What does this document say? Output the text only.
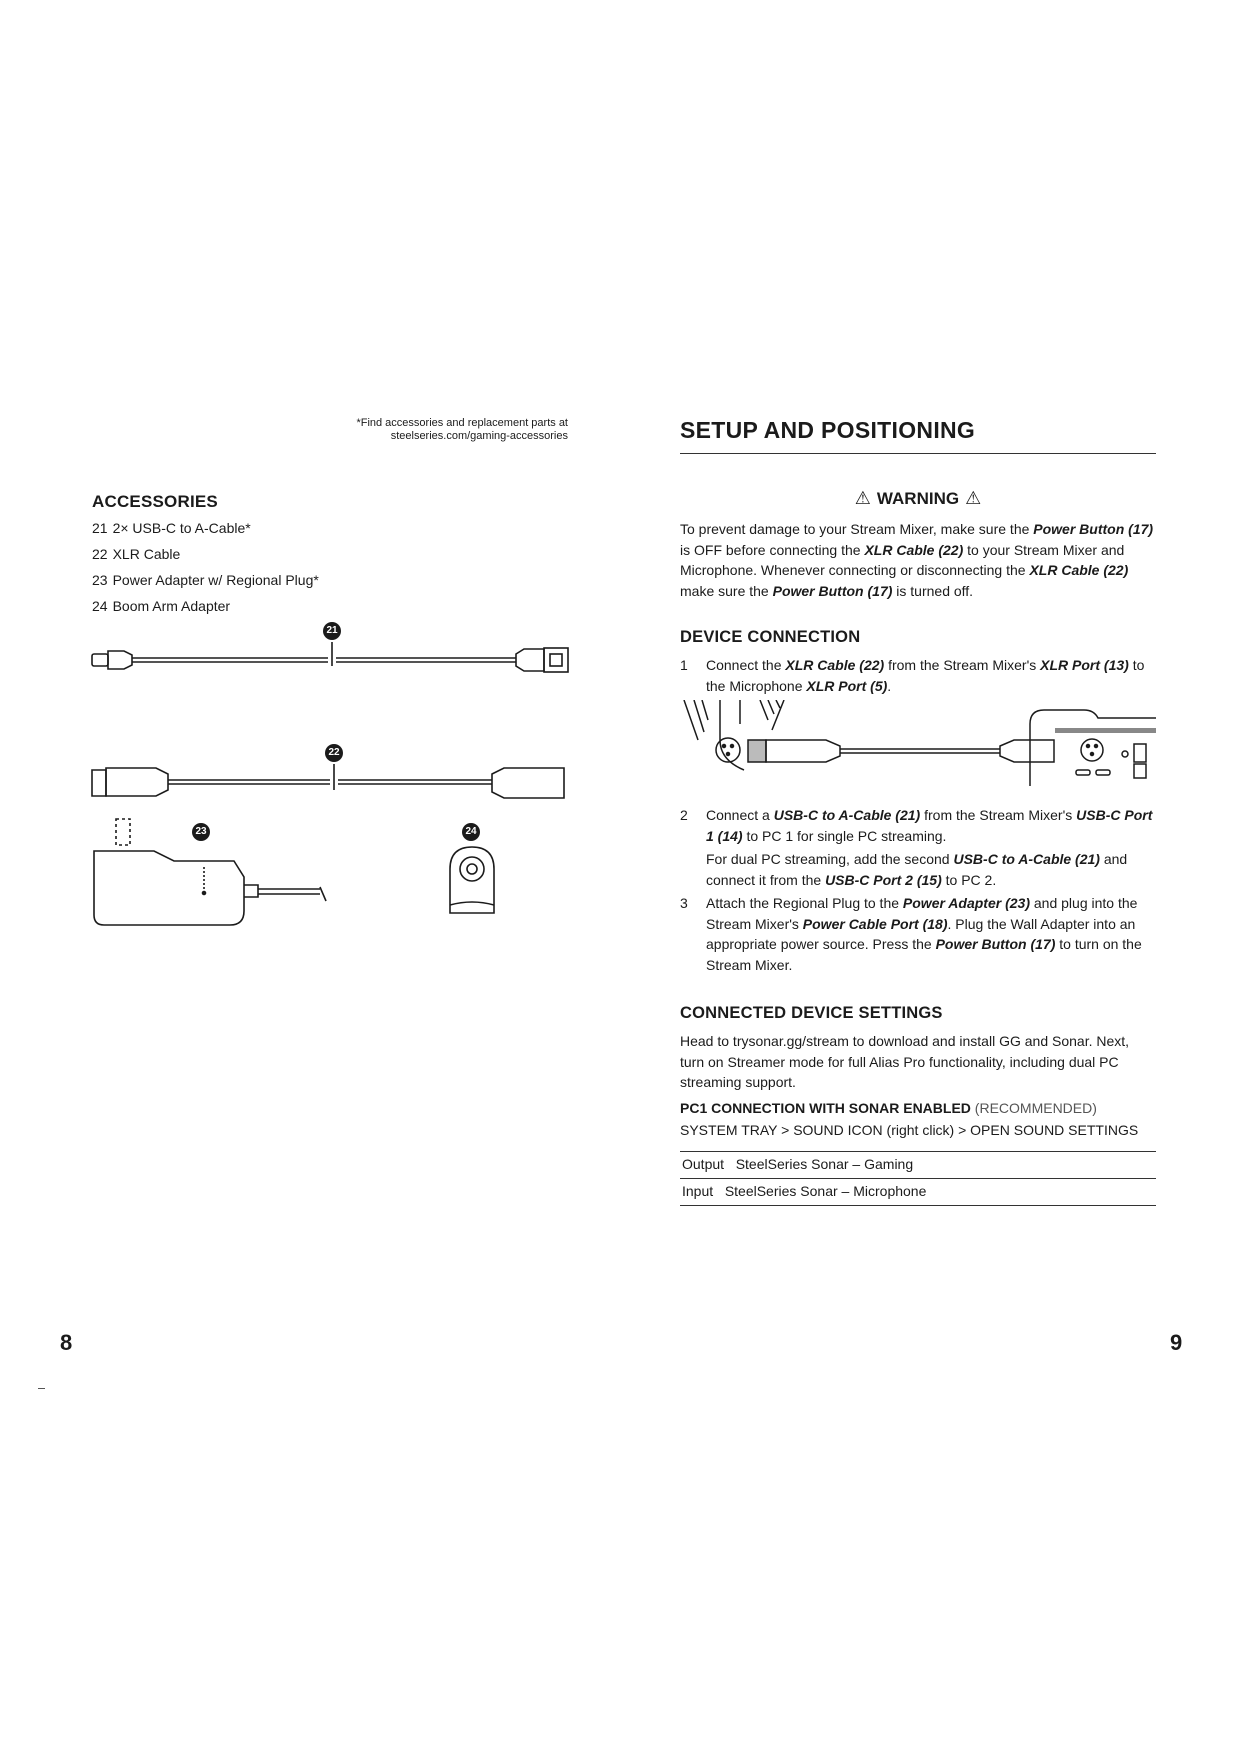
*Find accessories and replacement parts at
steelseries.com/gaming-accessories
ACCESSORIES
21 2× USB-C to A-Cable*
22 XLR Cable
23 Power Adapter w/ Regional Plug*
24 Boom Arm Adapter
21
22
23	24
8
SETUP AND POSITIONING
⚠ WARNING ⚠
To prevent damage to your Stream Mixer, make sure the Power Button (17) is OFF before connecting the XLR Cable (22) to your Stream Mixer and Microphone. Whenever connecting or disconnecting the XLR Cable (22) make sure the Power Button (17) is turned off.
DEVICE CONNECTION
1 Connect the XLR Cable (22) from the Stream Mixer's XLR Port (13) to the Microphone XLR Port (5).
2 Connect a USB-C to A-Cable (21) from the Stream Mixer's USB-C Port 1 (14) to PC 1 for single PC streaming.
For dual PC streaming, add the second USB-C to A-Cable (21) and connect it from the USB-C Port 2 (15) to PC 2.
3 Attach the Regional Plug to the Power Adapter (23) and plug into the Stream Mixer's Power Cable Port (18). Plug the Wall Adapter into an appropriate power source. Press the Power Button (17) to turn on the Stream Mixer.
CONNECTED DEVICE SETTINGS
Head to trysonar.gg/stream to download and install GG and Sonar. Next, turn on Streamer mode for full Alias Pro functionality, including dual PC streaming support.
PC1 CONNECTION WITH SONAR ENABLED (RECOMMENDED)
SYSTEM TRAY > SOUND ICON (right click) > OPEN SOUND SETTINGS
Output SteelSeries Sonar – Gaming
Input SteelSeries Sonar – Microphone
9
